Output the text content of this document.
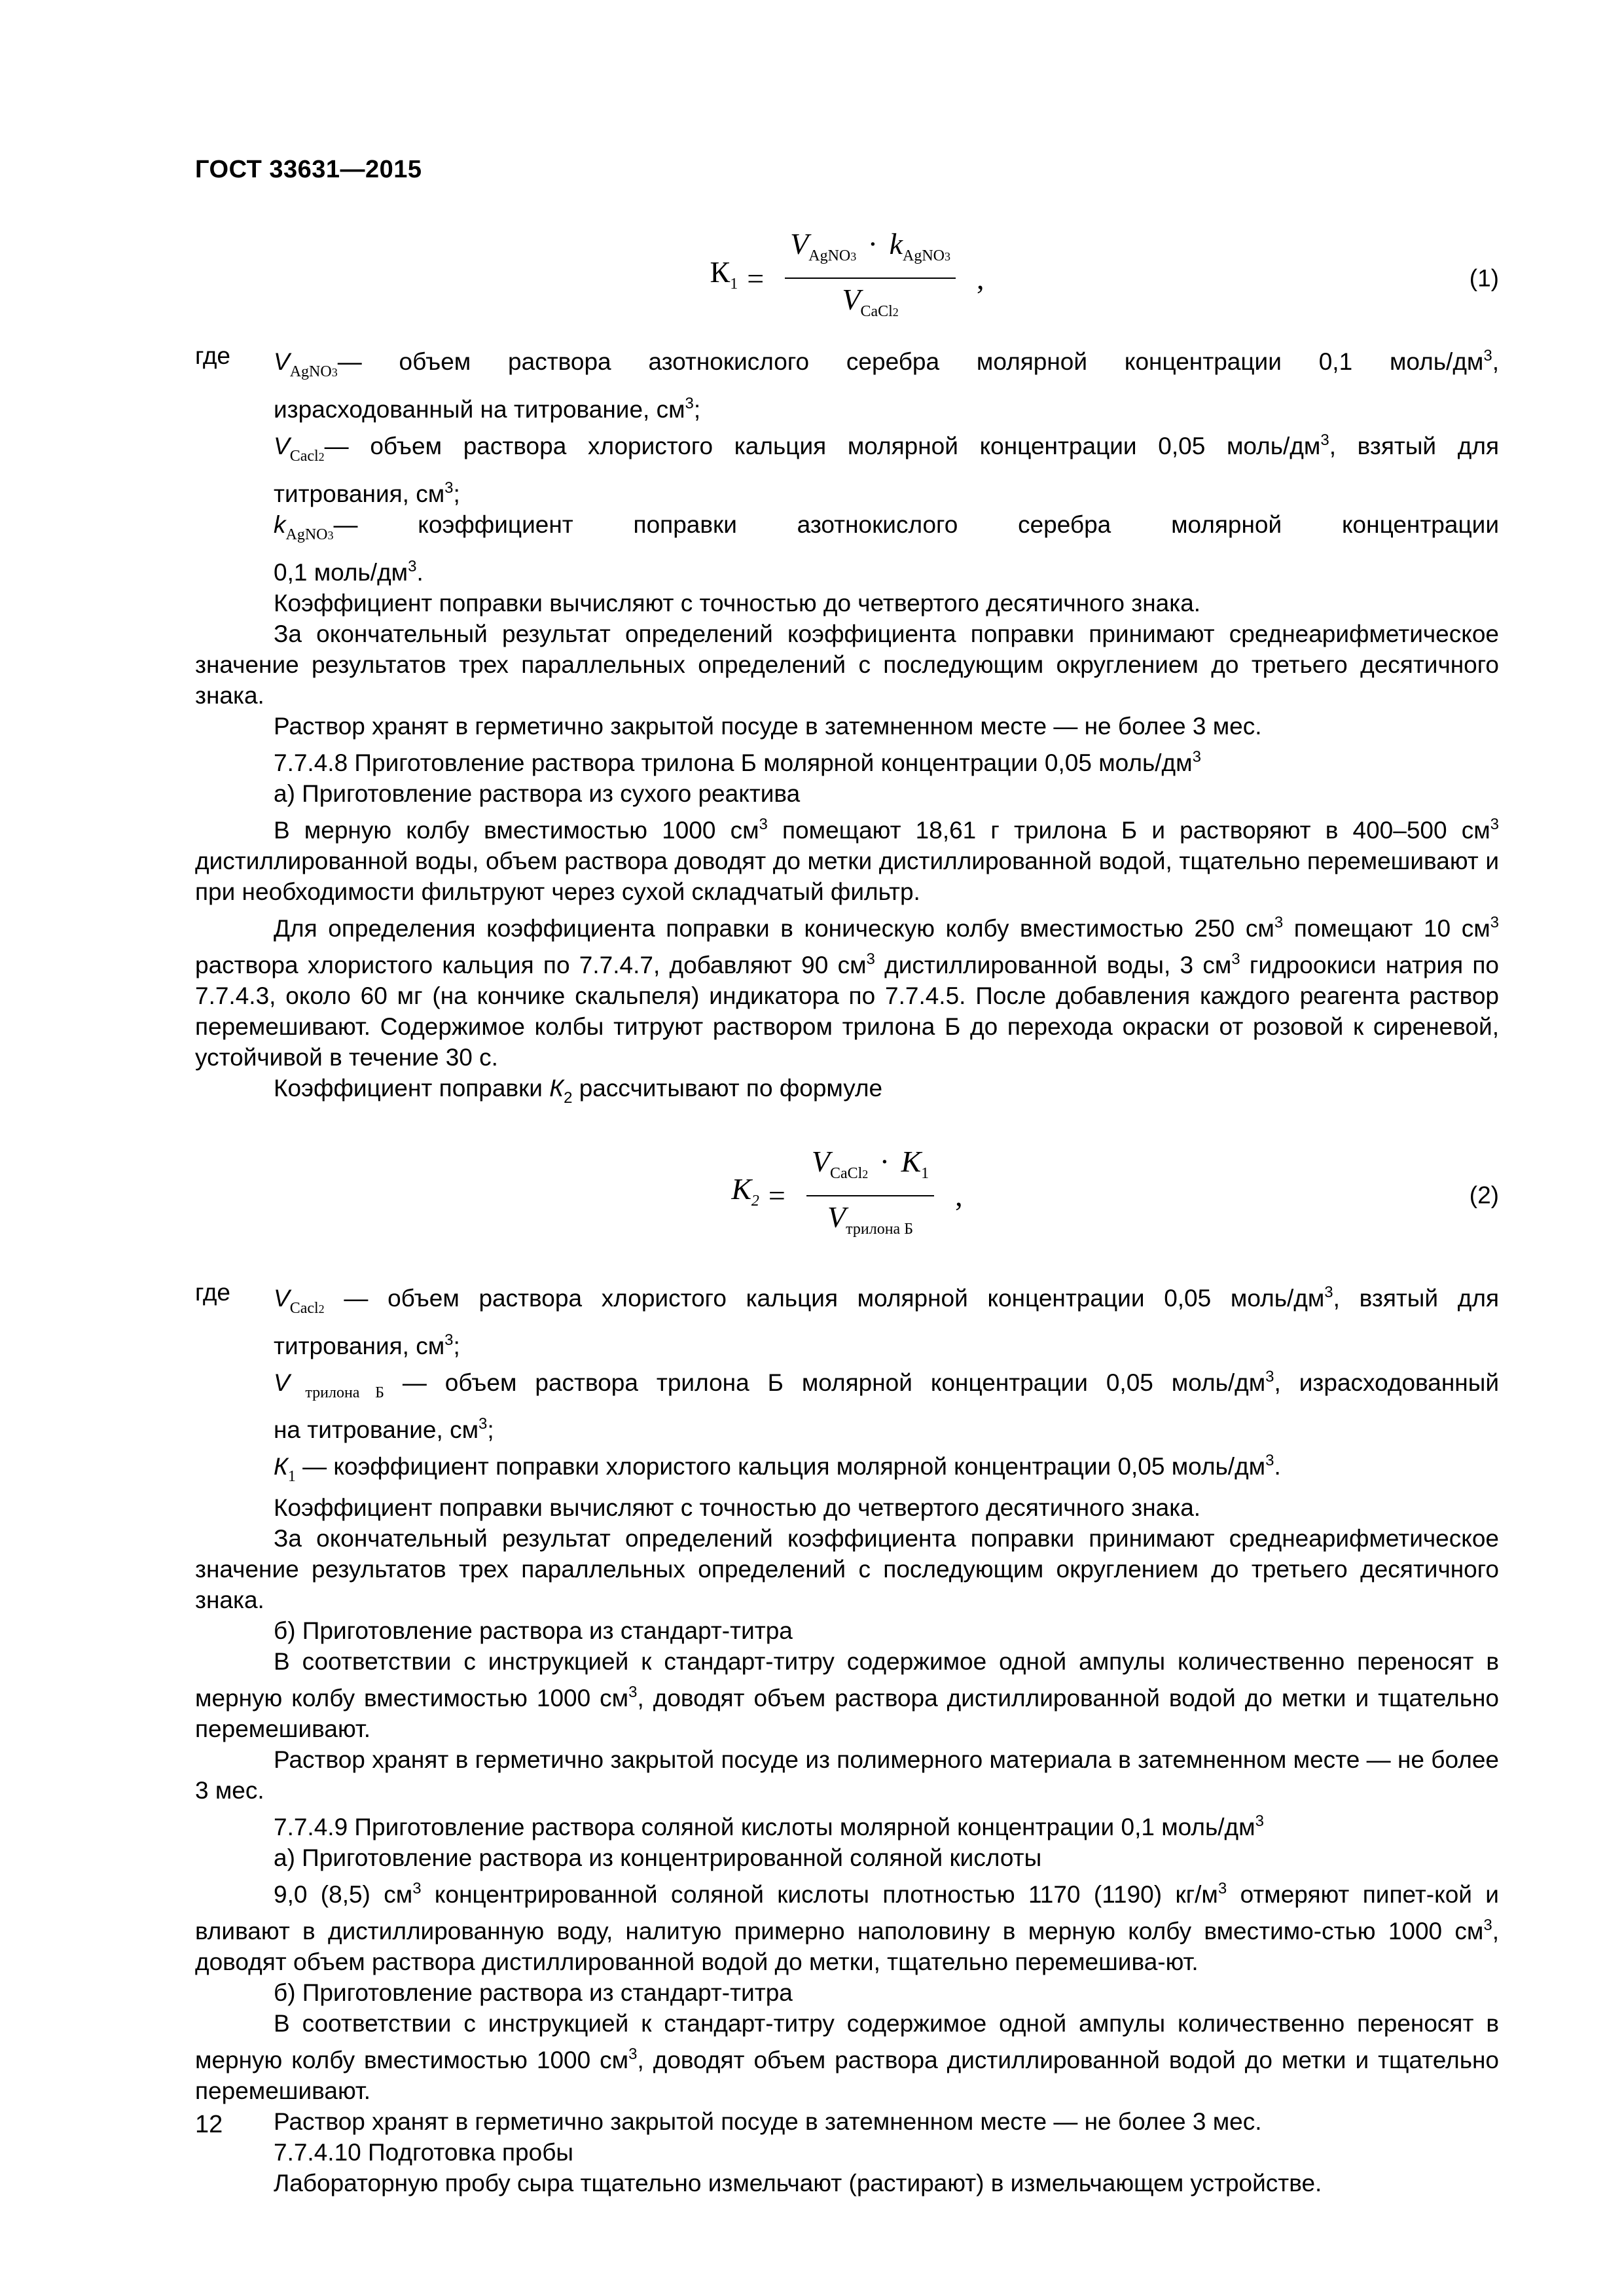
ГОСТ 33631—2015
$К_1 = \frac{V_{AgNO3} \cdot k_{AgNO3}}{V_{CaCl2}}$ ,	(1)
где	$V_{AgNO3}—$ объем раствора азотнокислого серебра молярной концентрации 0,1 моль/$дм^3$,

израсходованный на титрование, $см^3$;

$V_{Cacl2}—$ объем раствора хлористого кальция молярной концентрации 0,05 моль/$дм^3$, взятый для

титрования, $см^3$;

$k_{AgNO3}—$ коэффициент поправки азотнокислого серебра молярной концентрации

0,1 моль/$дм^3$.

Коэффициент поправки вычисляют с точностью до четвертого десятичного знака.

За окончательный результат определений коэффициента поправки принимают среднеарифметическое значение результатов трех параллельных определений с последующим округлением до третьего десятичного знака.

Раствор хранят в герметично закрытой посуде в затемненном месте — не более 3 мес.

7.7.4.8 Приготовление раствора трилона Б молярной концентрации 0,05 моль/$дм^3$

а) Приготовление раствора из сухого реактива

В мерную колбу вместимостью 1000 $см^3$ помещают 18,61 г трилона Б и растворяют в 400–500 $см^3$ дистиллированной воды, объем раствора доводят до метки дистиллированной водой, тщательно перемешивают и при необходимости фильтруют через сухой складчатый фильтр.

Для определения коэффициента поправки в коническую колбу вместимостью 250 $см^3$ помещают 10 $см^3$ раствора хлористого кальция по 7.7.4.7, добавляют 90 $см^3$ дистиллированной воды, 3 $см^3$ гидроокиси натрия по 7.7.4.3, около 60 мг (на кончике скальпеля) индикатора по 7.7.4.5. После добавления каждого реагента раствор перемешивают. Содержимое колбы титруют раствором трилона Б до перехода окраски от розовой к сиреневой, устойчивой в течение 30 с.

Коэффициент поправки $К_2$ рассчитывают по формуле

$К_2 = \frac{V_{CaCl2} \cdot К_1}{V_{трилона Б}}$ ,	(2)
где	$V_{Cacl2}$ — объем раствора хлористого кальция молярной концентрации 0,05 моль/$дм^3$, взятый для

титрования, $см^3$;

V $_{трилона Б}$ — объем раствора трилона Б молярной концентрации 0,05 моль/$дм^3$, израсходованный

на титрование, $см^3$;

$К_1$ — коэффициент поправки хлористого кальция молярной концентрации 0,05 моль/$дм^3$.

Коэффициент поправки вычисляют с точностью до четвертого десятичного знака.

За окончательный результат определений коэффициента поправки принимают среднеарифметическое значение результатов трех параллельных определений с последующим округлением до третьего десятичного знака.

б) Приготовление раствора из стандарт-титра

В соответствии с инструкцией к стандарт-титру содержимое одной ампулы количественно переносят в мерную колбу вместимостью 1000 $см^3$, доводят объем раствора дистиллированной водой до метки и тщательно перемешивают.

Раствор хранят в герметично закрытой посуде из полимерного материала в затемненном месте — не более 3 мес.

7.7.4.9 Приготовление раствора соляной кислоты молярной концентрации 0,1 моль/$дм^3$

а) Приготовление раствора из концентрированной соляной кислоты

9,0 (8,5) $см^3$ концентрированной соляной кислоты плотностью 1170 (1190) $кг/м^3$ отмеряют пипет-кой и вливают в дистиллированную воду, налитую примерно наполовину в мерную колбу вместимо-стью 1000 $см^3$, доводят объем раствора дистиллированной водой до метки, тщательно перемешива-ют.

б) Приготовление раствора из стандарт-титра

В соответствии с инструкцией к стандарт-титру содержимое одной ампулы количественно переносят в мерную колбу вместимостью 1000 $см^3$, доводят объем раствора дистиллированной водой до метки и тщательно перемешивают.

Раствор хранят в герметично закрытой посуде в затемненном месте — не более 3 мес.

7.7.4.10 Подготовка пробы

Лабораторную пробу сыра тщательно измельчают (растирают) в измельчающем устройстве.

12
